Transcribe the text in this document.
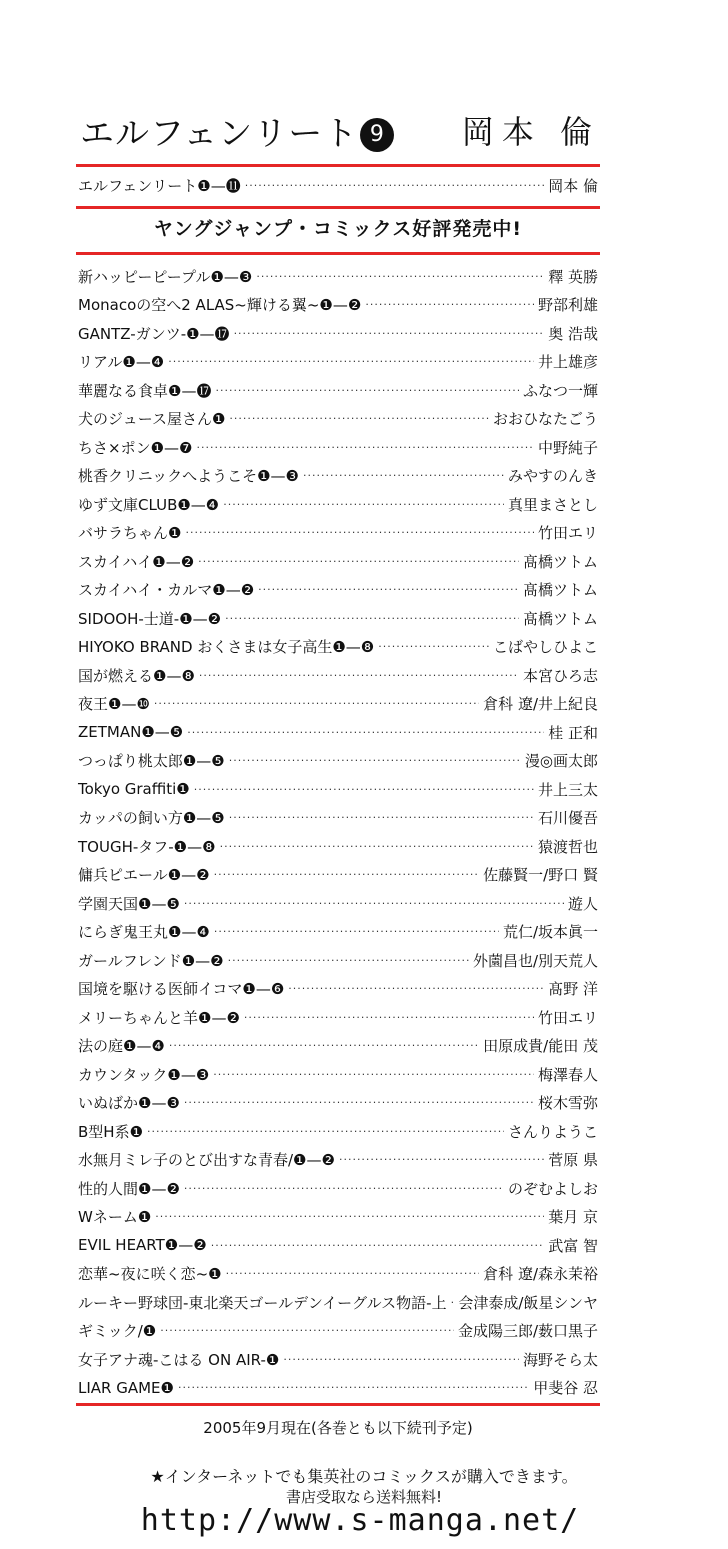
エルフェンリート 9 岡本 倫
エルフェンリート❶—⓫ ·····	岡本 倫
ヤングジャンプ・コミックス好評発売中!
新ハッピーピープル❶—❸ ·····	釋 英勝
Monacoの空へ2 ALAS~輝ける翼~❶—❷ ·····	野部利雄
GANTZ-ガンツ-❶—⓱ ·····	奥 浩哉
リアル❶—❹ ·····	井上雄彦
華麗なる食卓❶—⓱ ·····	ふなつ一輝
犬のジュース屋さん❶ ·····	おおひなたごう
ちさ×ポン❶—❼ ·····	中野純子
桃香クリニックへようこそ❶—❸ ·····	みやすのんき
ゆず文庫CLUB❶—❹ ·····	真里まさとし
バサラちゃん❶ ·····	竹田エリ
スカイハイ❶—❷ ·····	髙橋ツトム
スカイハイ・カルマ❶—❷ ·····	髙橋ツトム
SIDOOH-士道-❶—❷ ·····	髙橋ツトム
HIYOKO BRAND おくさまは女子高生❶—❽ ·····	こばやしひよこ
国が燃える❶—❽ ·····	本宮ひろ志
夜王❶—❿ ·····	倉科 遼/井上紀良
ZETMAN❶—❺ ·····	桂 正和
つっぱり桃太郎❶—❺ ·····	漫◎画太郎
Tokyo Graffiti❶ ·····	井上三太
カッパの飼い方❶—❺ ·····	石川優吾
TOUGH-タフ-❶—❽ ·····	猿渡哲也
傭兵ピエール❶—❷ ·····	佐藤賢一/野口 賢
学園天国❶—❺ ·····	遊人
にらぎ鬼王丸❶—❹ ·····	荒仁/坂本眞一
ガールフレンド❶—❷ ·····	外薗昌也/別天荒人
国境を駆ける医師イコマ❶—❻ ·····	髙野 洋
メリーちゃんと羊❶—❷ ·····	竹田エリ
法の庭❶—❹ ·····	田原成貴/能田 茂
カウンタック❶—❸ ·····	梅澤春人
いぬばか❶—❸ ·····	桜木雪弥
B型H系❶ ·····	さんりようこ
水無月ミレ子のとび出すな青春/❶—❷ ·····	菅原 県
性的人間❶—❷ ·····	のぞむよしお
Wネーム❶ ·····	葉月 京
EVIL HEART❶—❷ ·····	武富 智
恋華~夜に咲く恋~❶ ·····	倉科 遼/森永茉裕
ルーキー野球団-東北楽天ゴールデンイーグルス物語-上 ····· 会津泰成/飯星シンヤ
ギミック/❶ ·····	金成陽三郎/薮口黒子
女子アナ魂-こはる ON AIR-❶ ·····	海野そら太
LIAR GAME❶ ·····	甲斐谷 忍
2005年9月現在(各巻とも以下続刊予定)
★インターネットでも集英社のコミックスが購入できます。
書店受取なら送料無料!
http://www.s-manga.net/
